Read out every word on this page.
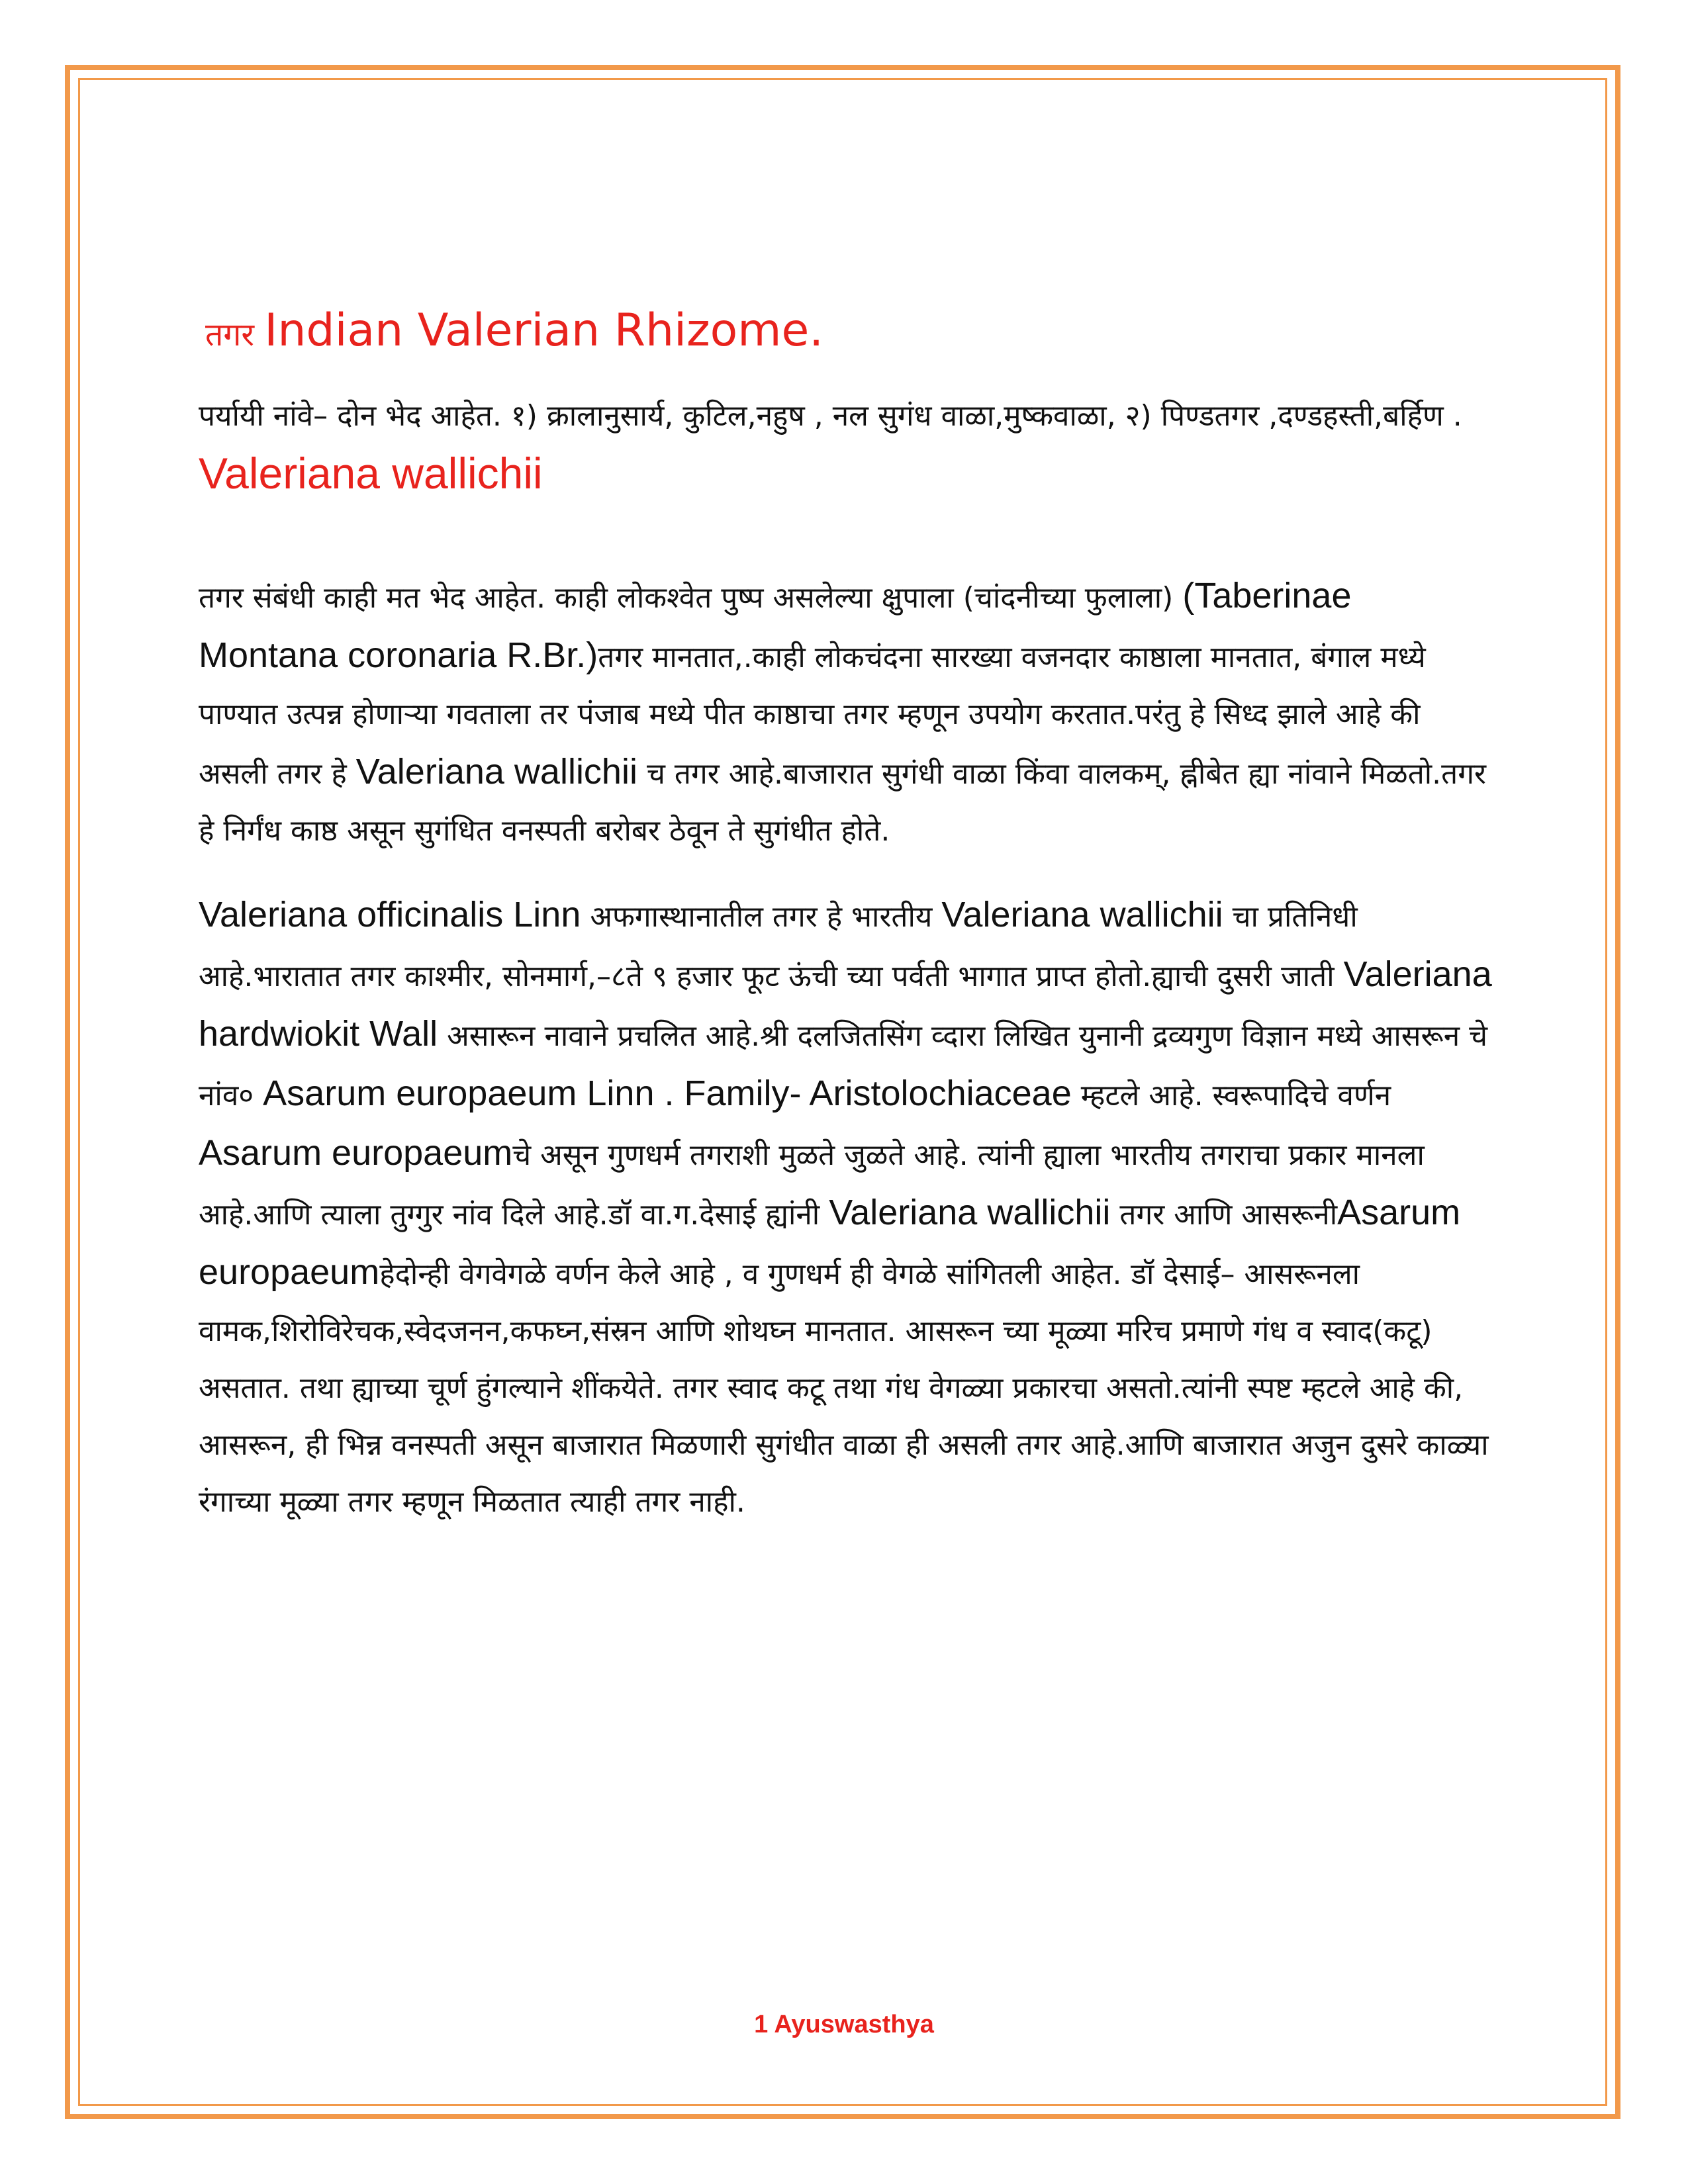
तगर Indian Valerian Rhizome.

पर्यायी नांवे– दोन भेद आहेत. १) क्रालानुसार्य, कुटिल,नहुष , नल सुगंध वाळा,मुष्कवाळा, २) पिण्डतगर ,दण्डहस्ती,बर्हिण . Valeriana wallichii

तगर संबंधी काही मत भेद आहेत. काही लोकश्वेत पुष्प असलेल्या क्षुपाला (चांदनीच्या फुलाला) (Taberinae Montana coronaria R.Br.)तगर मानतात,.काही लोकचंदना सारख्या वजनदार काष्ठाला मानतात, बंगाल मध्ये पाण्यात उत्पन्न होणाऱ्या गवताला तर पंजाब मध्ये पीत काष्ठाचा तगर म्हणून उपयोग करतात.परंतु हे सिध्द झाले आहे की असली तगर हे Valeriana wallichii च तगर आहे.बाजारात सुगंधी वाळा किंवा वालकम्, ह्नीबेत ह्या नांवाने मिळतो.तगर हे निर्गंध काष्ठ असून सुगंधित वनस्पती बरोबर ठेवून ते सुगंधीत होते.

Valeriana officinalis Linn अफगास्थानातील तगर हे भारतीय Valeriana wallichii चा प्रतिनिधी आहे.भारातात तगर काश्मीर, सोनमार्ग,–८ते ९ हजार फूट ऊंची च्या पर्वती भागात प्राप्त होतो.ह्याची दुसरी जाती Valeriana hardwiokit Wall असारून नावाने प्रचलित आहे.श्री दलजितसिंग व्दारा लिखित युनानी द्रव्यगुण विज्ञान मध्ये आसरून चे नांव० Asarum europaeum Linn . Family- Aristolochiaceae म्हटले आहे. स्वरूपादिचे वर्णन Asarum europaeumचे असून गुणधर्म तगराशी मुळते जुळते आहे. त्यांनी ह्याला भारतीय तगराचा प्रकार मानला आहे.आणि त्याला तुग्गुर नांव दिले आहे.डॉ वा.ग.देसाई ह्यांनी Valeriana wallichii तगर आणि आसरूनीAsarum europaeumहेदोन्ही वेगवेगळे वर्णन केले आहे , व गुणधर्म ही वेगळे सांगितली आहेत. डॉ देसाई– आसरूनला वामक,शिरोविरेचक,स्वेदजनन,कफघ्न,संस्रन आणि शोथघ्न मानतात. आसरून च्या मूळ्या मरिच प्रमाणे गंध व स्वाद(कटू) असतात. तथा ह्याच्या चूर्ण हुंगल्याने शींकयेते. तगर स्वाद कटू तथा गंध वेगळ्या प्रकारचा असतो.त्यांनी स्पष्ट म्हटले आहे की, आसरून, ही भिन्न वनस्पती असून बाजारात मिळणारी सुगंधीत वाळा ही असली तगर आहे.आणि बाजारात अजुन दुसरे काळ्या रंगाच्या मूळ्या तगर म्हणून मिळतात त्याही तगर नाही.

1 Ayuswasthya
